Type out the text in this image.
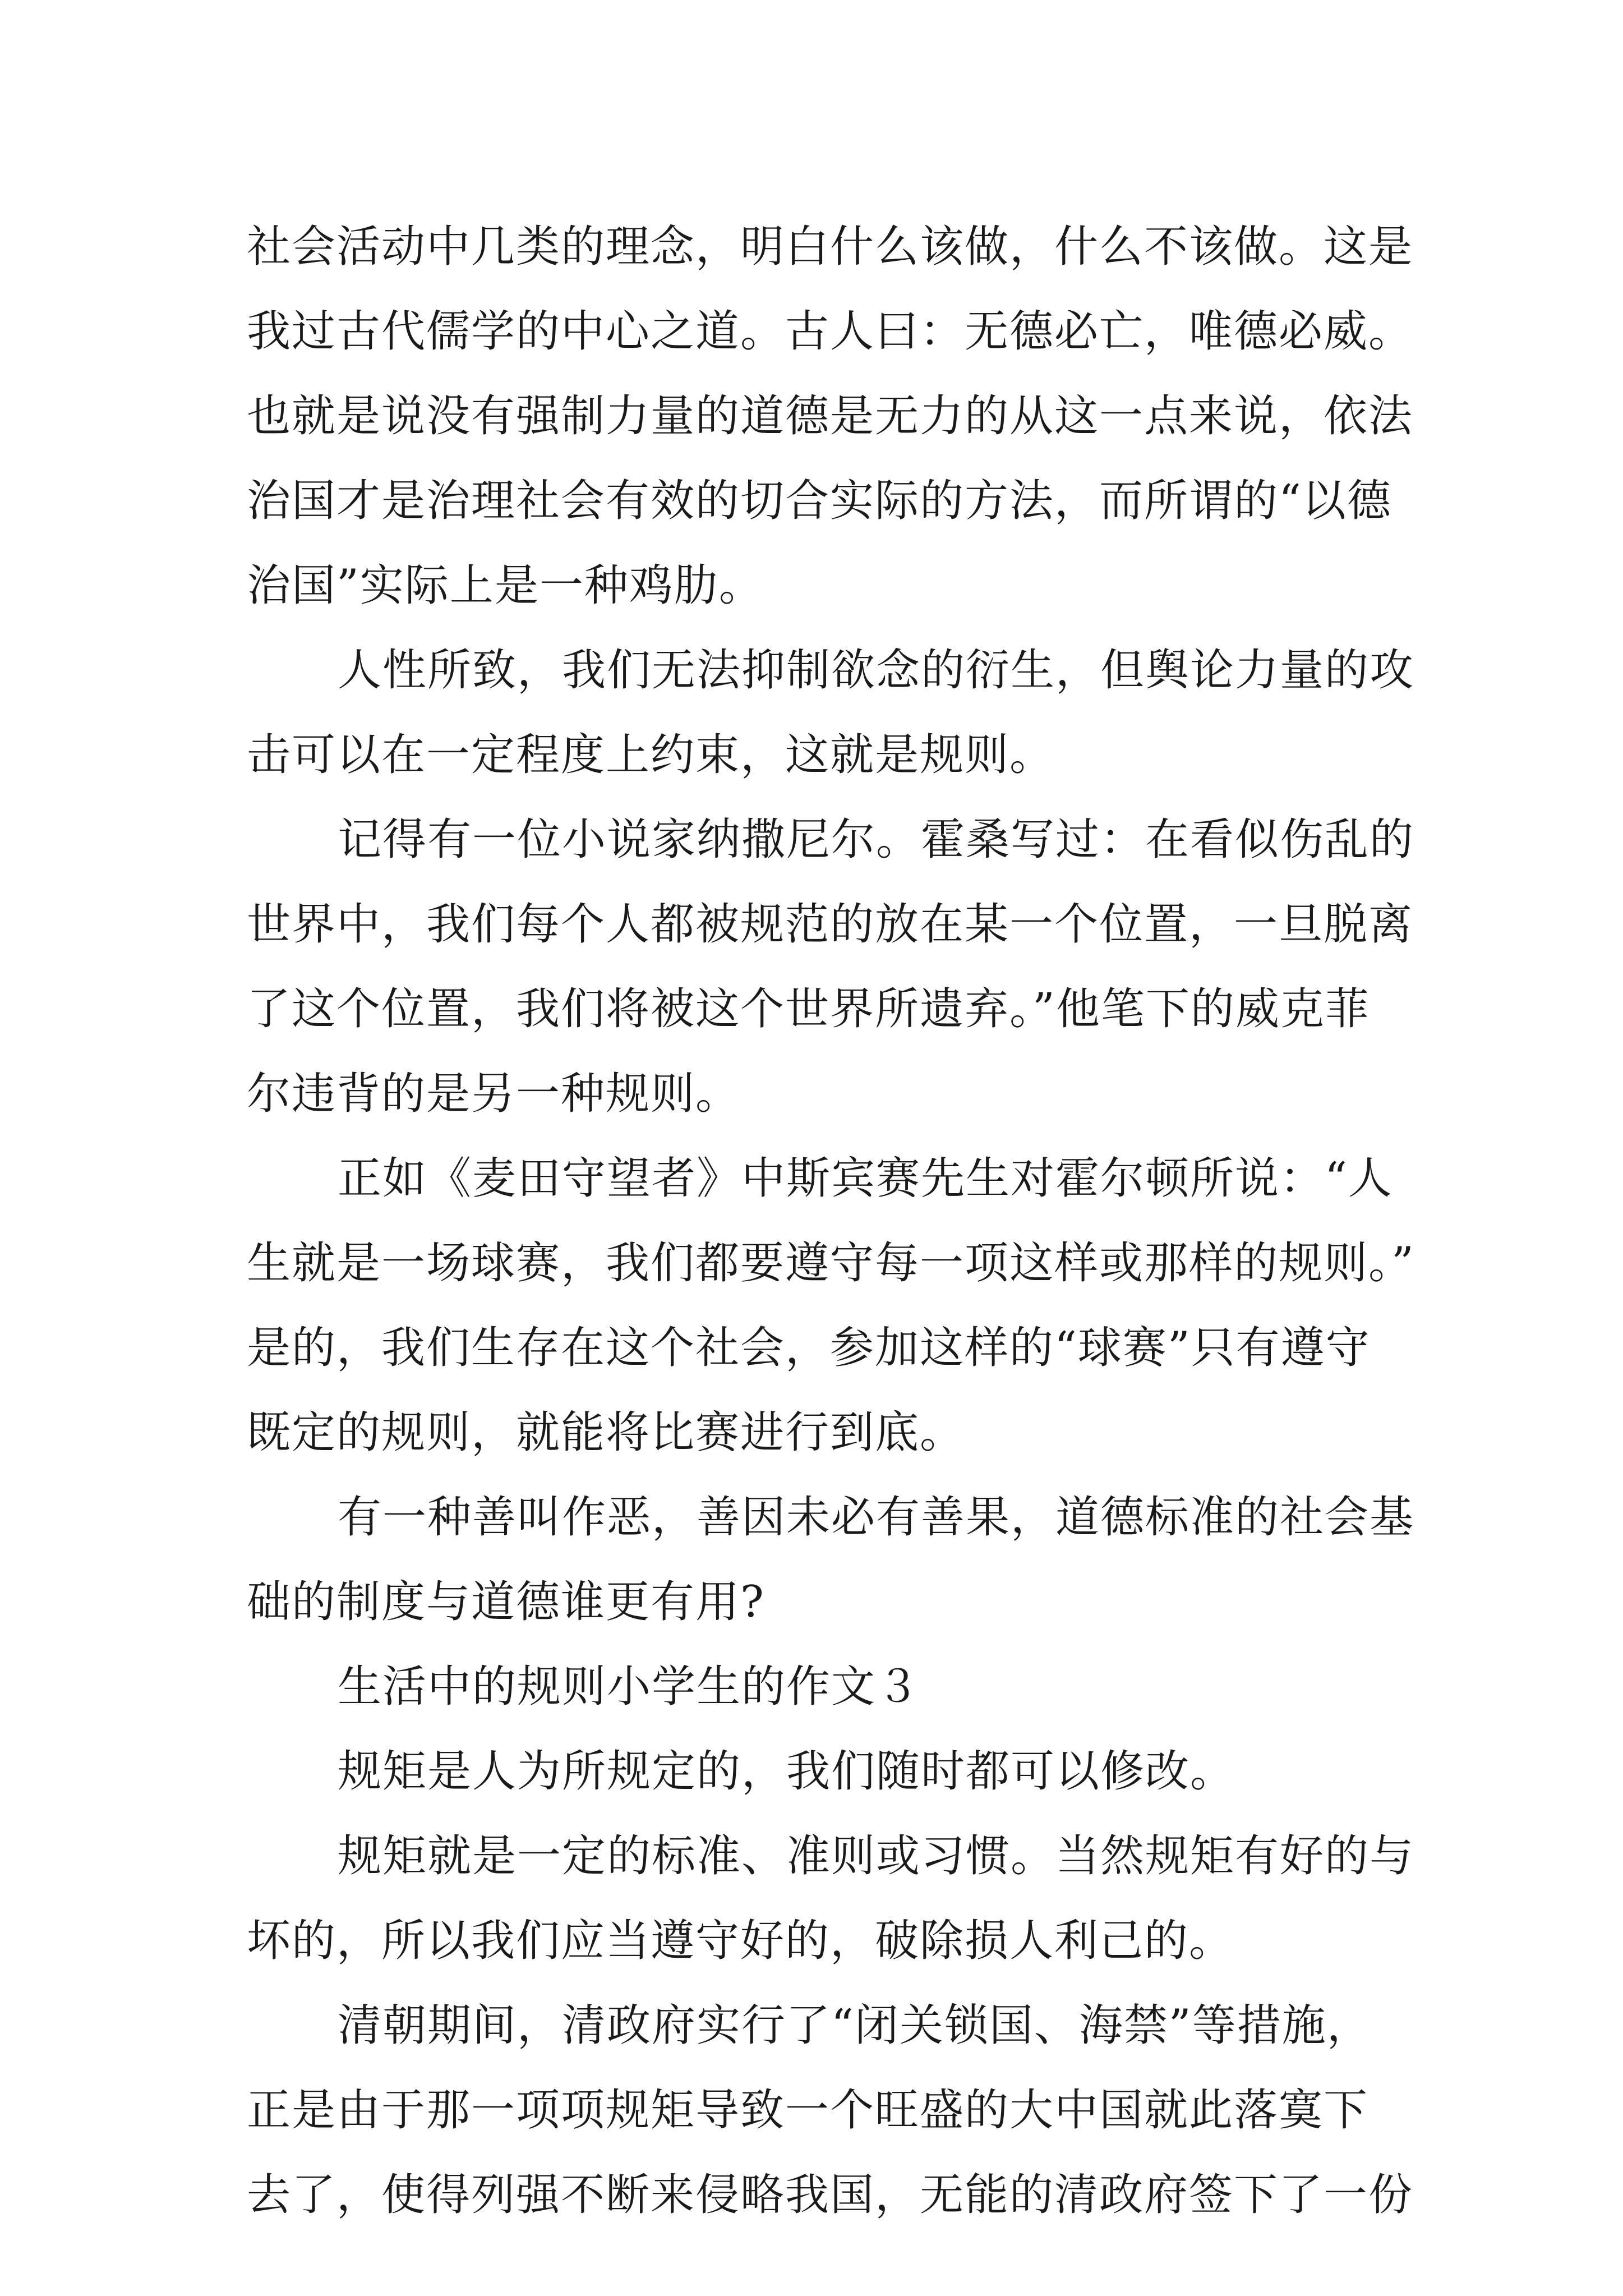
社会活动中几类的理念，明白什么该做，什么不该做。这是
我过古代儒学的中心之道。古人曰：无德必亡，唯德必威。
也就是说没有强制力量的道德是无力的从这一点来说，依法
治国才是治理社会有效的切合实际的方法，而所谓的“以德
治国”实际上是一种鸡肋。

人性所致，我们无法抑制欲念的衍生，但舆论力量的攻
击可以在一定程度上约束，这就是规则。

记得有一位小说家纳撒尼尔。霍桑写过：在看似伤乱的
世界中，我们每个人都被规范的放在某一个位置，一旦脱离
了这个位置，我们将被这个世界所遗弃。”他笔下的威克菲
尔违背的是另一种规则。

正如《麦田守望者》中斯宾赛先生对霍尔顿所说：“人
生就是一场球赛，我们都要遵守每一项这样或那样的规则。”
是的，我们生存在这个社会，参加这样的“球赛”只有遵守
既定的规则，就能将比赛进行到底。

有一种善叫作恶，善因未必有善果，道德标准的社会基
础的制度与道德谁更有用?

生活中的规则小学生的作文３

规矩是人为所规定的，我们随时都可以修改。

规矩就是一定的标准、准则或习惯。当然规矩有好的与
坏的，所以我们应当遵守好的，破除损人利己的。

清朝期间，清政府实行了“闭关锁国、海禁”等措施，
正是由于那一项项规矩导致一个旺盛的大中国就此落寞下
去了，使得列强不断来侵略我国，无能的清政府签下了一份
